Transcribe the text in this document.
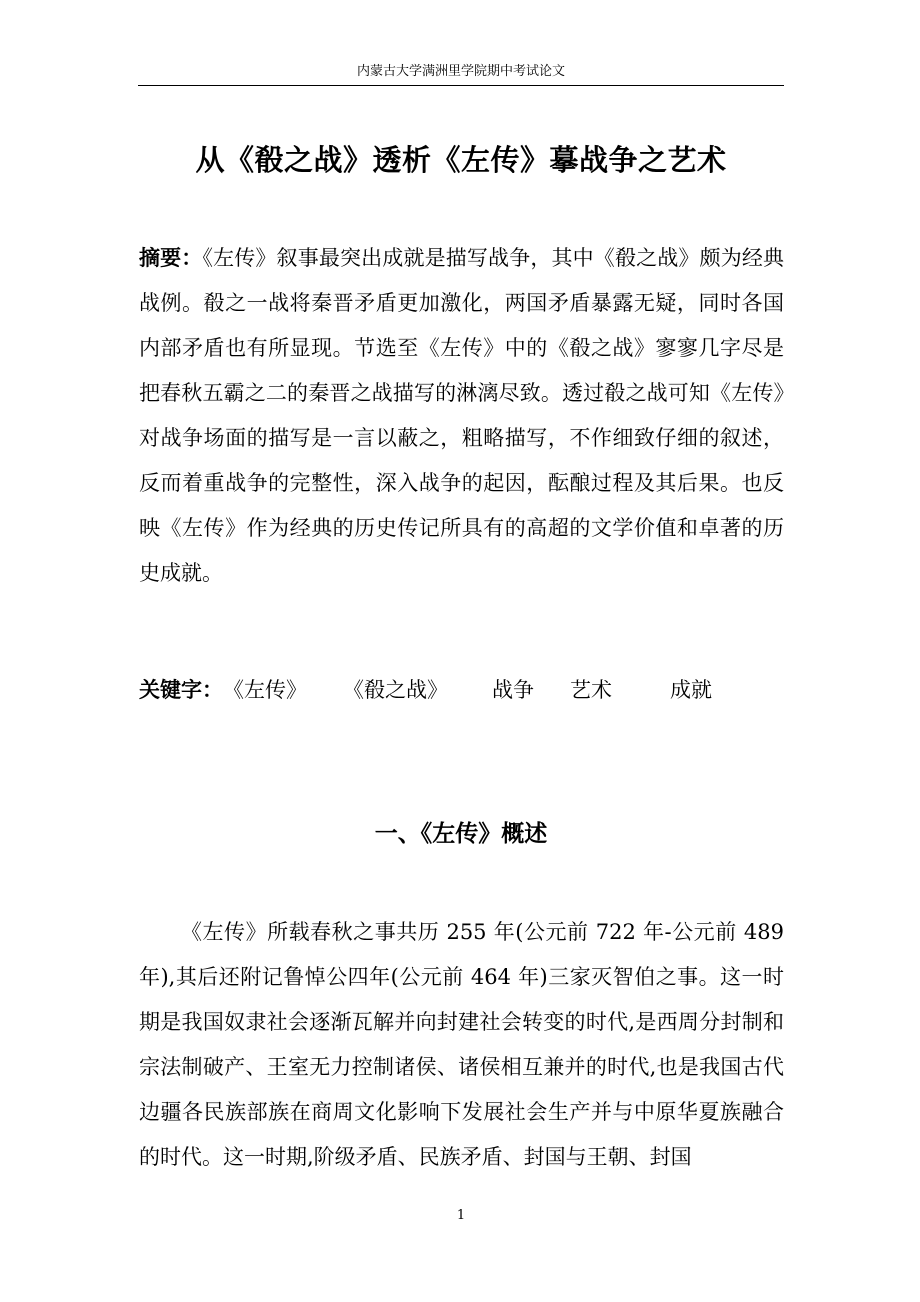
内蒙古大学满洲里学院期中考试论文
从《殽之战》透析《左传》摹战争之艺术

摘要：《左传》叙事最突出成就是描写战争，其中《殽之战》颇为经典战例。殽之一战将秦晋矛盾更加激化，两国矛盾暴露无疑，同时各国内部矛盾也有所显现。节选至《左传》中的《殽之战》寥寥几字尽是把春秋五霸之二的秦晋之战描写的淋漓尽致。透过殽之战可知《左传》对战争场面的描写是一言以蔽之，粗略描写，不作细致仔细的叙述，反而着重战争的完整性，深入战争的起因，酝酿过程及其后果。也反映《左传》作为经典的历史传记所具有的高超的文学价值和卓著的历史成就。

关键字：《左传》 《殽之战》 战争 艺术	成就
一、《左传》概述

《左传》所载春秋之事共历 255 年(公元前 722 年-公元前 489 年),其后还附记鲁悼公四年(公元前 464 年)三家灭智伯之事。这一时期是我国奴隶社会逐渐瓦解并向封建社会转变的时代,是西周分封制和宗法制破产、王室无力控制诸侯、诸侯相互兼并的时代,也是我国古代边疆各民族部族在商周文化影响下发展社会生产并与中原华夏族融合的时代。这一时期,阶级矛盾、民族矛盾、封国与王朝、封国

1
